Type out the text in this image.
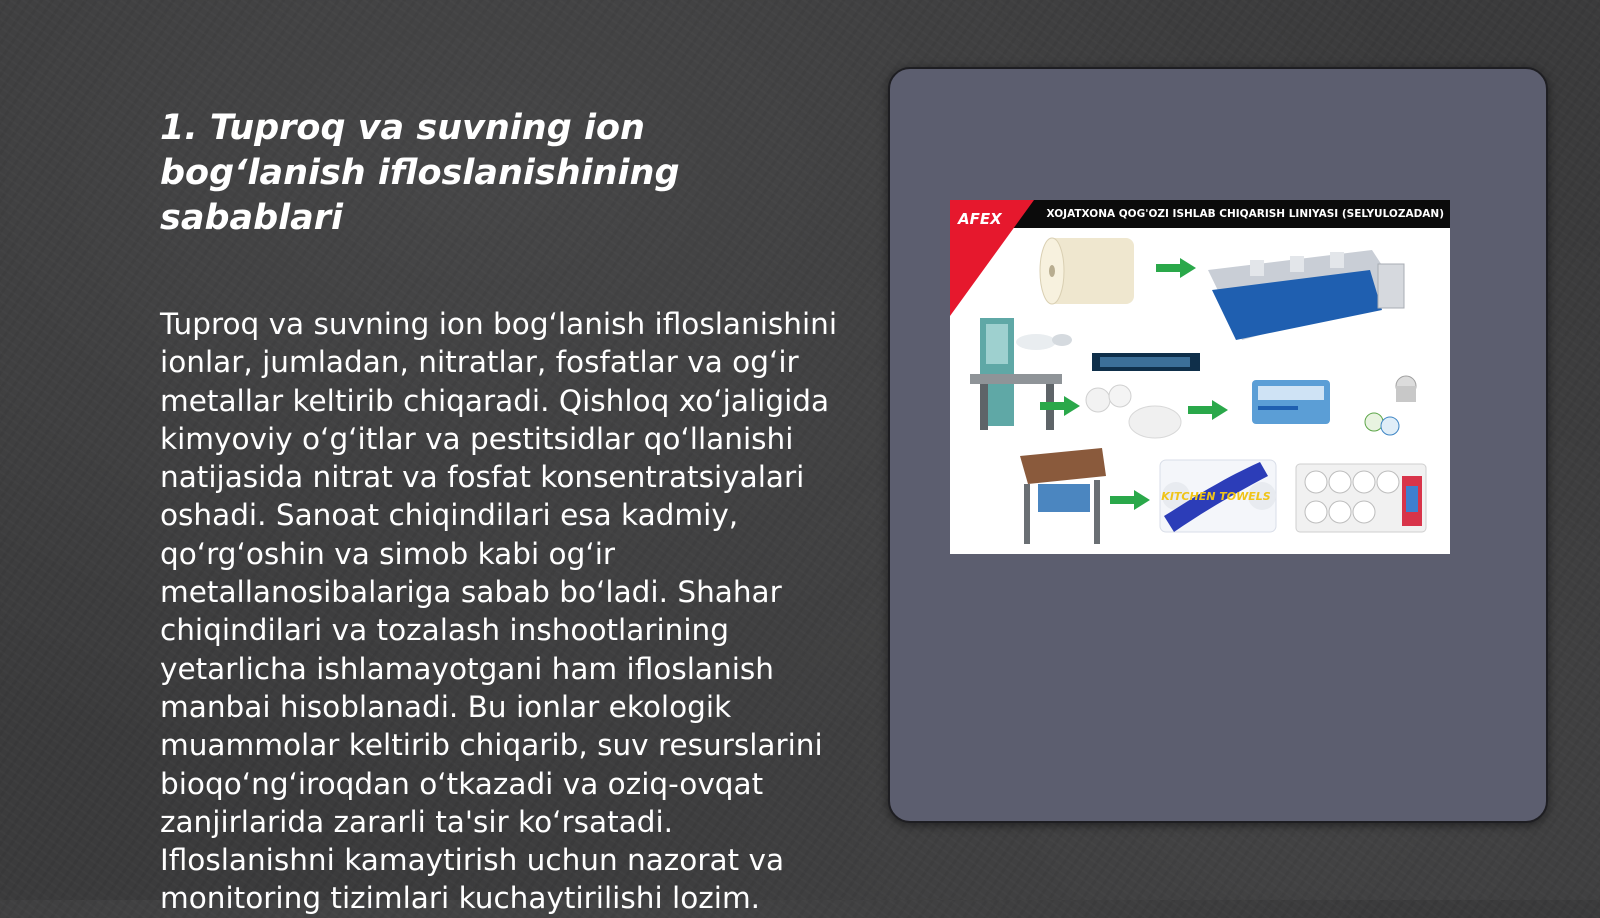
1. Tuproq va suvning ion bog‘lanish ifloslanishining sabablari

Tuproq va suvning ion bog‘lanish ifloslanishini ionlar, jumladan, nitratlar, fosfatlar va og‘ir metallar keltirib chiqaradi. Qishloq xo‘jaligida kimyoviy o‘g‘itlar va pestitsidlar qo‘llanishi natijasida nitrat va fosfat konsentratsiyalari oshadi. Sanoat chiqindilari esa kadmiy, qo‘rg‘oshin va simob kabi og‘ir metallanosibalariga sabab bo‘ladi. Shahar chiqindilari va tozalash inshootlarining yetarlicha ishlamayotgani ham ifloslanish manbai hisoblanadi. Bu ionlar ekologik muammolar keltirib chiqarib, suv resurslarini bioqo‘ng‘iroqdan o‘tkazadi va oziq-ovqat zanjirlarida zararli ta'sir ko‘rsatadi. Ifloslanishni kamaytirish uchun nazorat va monitoring tizimlari kuchaytirilishi lozim.

KITCHEN TOWELS
XOJATXONA QOG'OZI ISHLAB CHIQARISH LINIYASI (SELYULOZADAN)
AFEX
